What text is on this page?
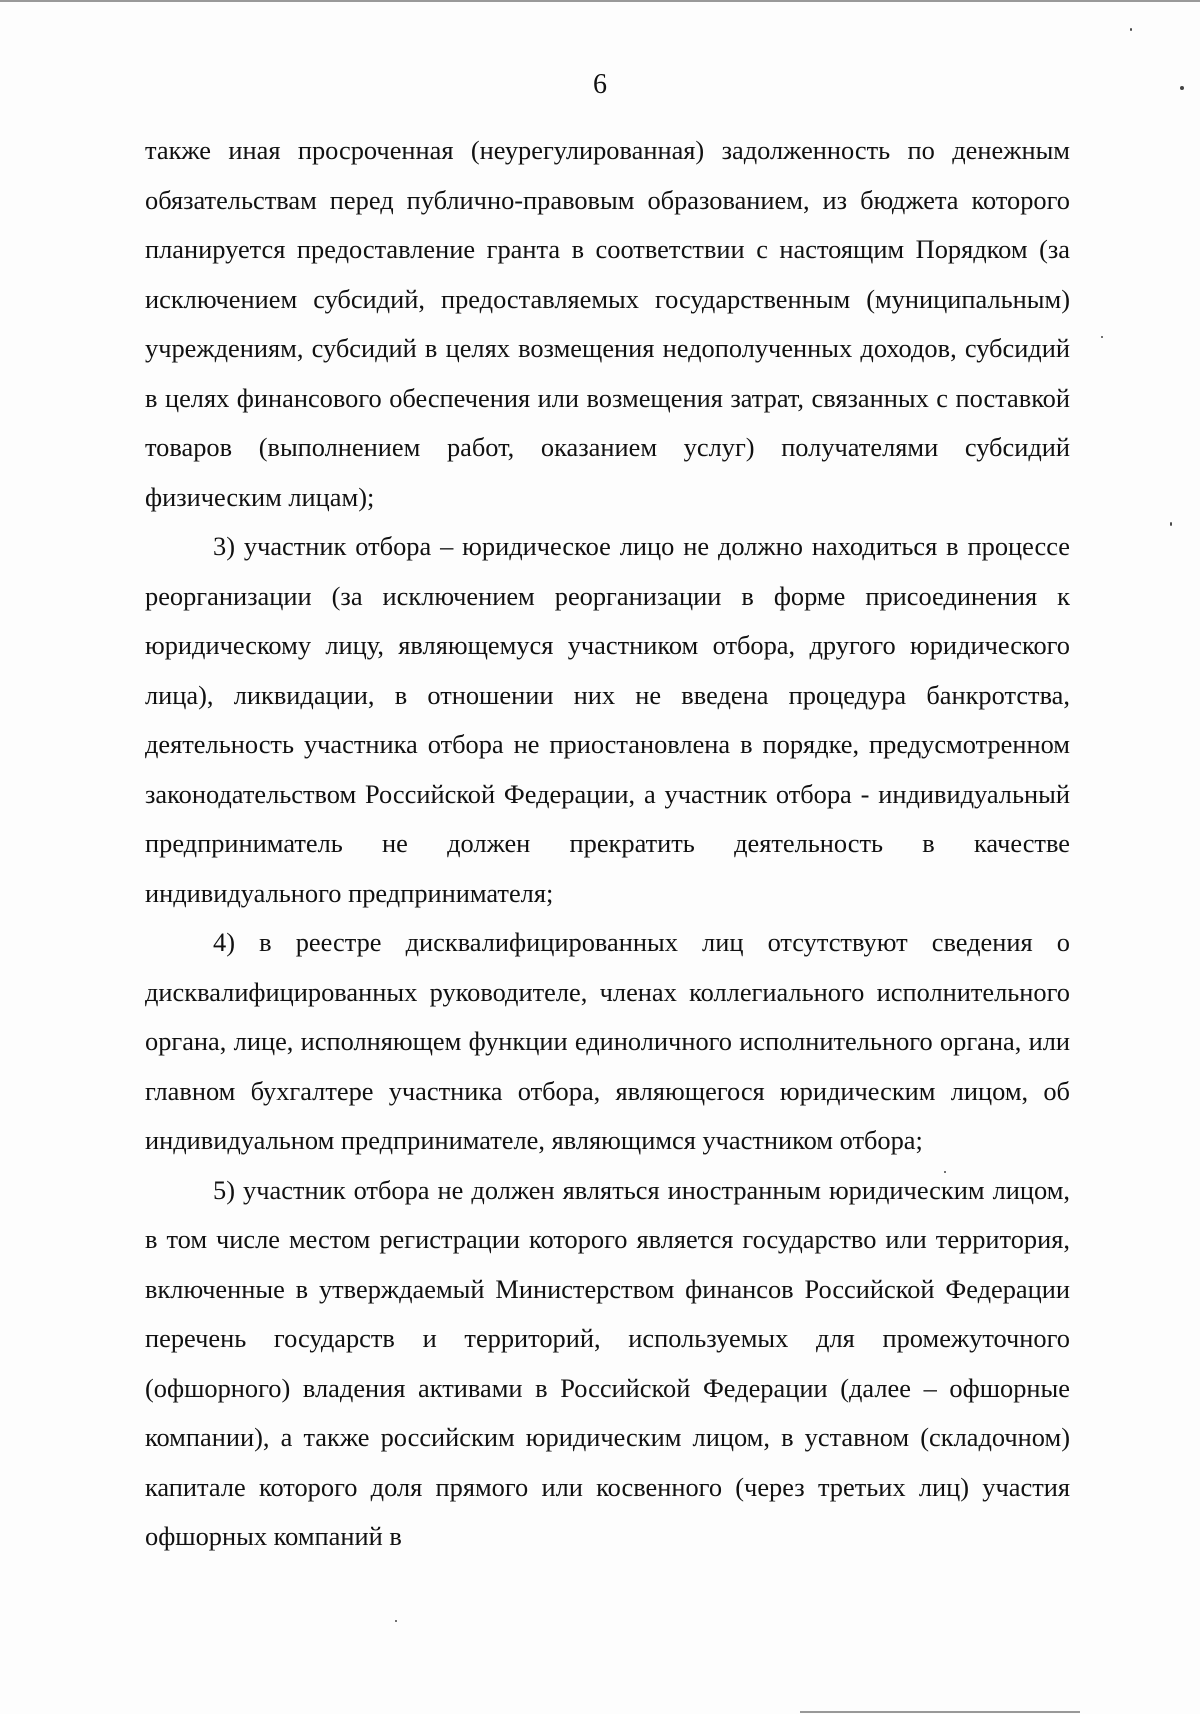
6

также иная просроченная (неурегулированная) задолженность по денежным обязательствам перед публично-правовым образованием, из бюджета которого планируется предоставление гранта в соответствии с настоящим Порядком (за исключением субсидий, предоставляемых государственным (муниципальным) учреждениям, субсидий в целях возмещения недополученных доходов, субсидий в целях финансового обеспечения или возмещения затрат, связанных с поставкой товаров (выполнением работ, оказанием услуг) получателями субсидий физическим лицам);

3) участник отбора – юридическое лицо не должно находиться в процессе реорганизации (за исключением реорганизации в форме присоединения к юридическому лицу, являющемуся участником отбора, другого юридического лица), ликвидации, в отношении них не введена процедура банкротства, деятельность участника отбора не приостановлена в порядке, предусмотренном законодательством Российской Федерации, а участник отбора - индивидуальный предприниматель не должен прекратить деятельность в качестве индивидуального предпринимателя;

4) в реестре дисквалифицированных лиц отсутствуют сведения о дисквалифицированных руководителе, членах коллегиального исполнительного органа, лице, исполняющем функции единоличного исполнительного органа, или главном бухгалтере участника отбора, являющегося юридическим лицом, об индивидуальном предпринимателе, являющимся участником отбора;

5) участник отбора не должен являться иностранным юридическим лицом, в том числе местом регистрации которого является государство или территория, включенные в утверждаемый Министерством финансов Российской Федерации перечень государств и территорий, используемых для промежуточного (офшорного) владения активами в Российской Федерации (далее – офшорные компании), а также российским юридическим лицом, в уставном (складочном) капитале которого доля прямого или косвенного (через третьих лиц) участия офшорных компаний в
